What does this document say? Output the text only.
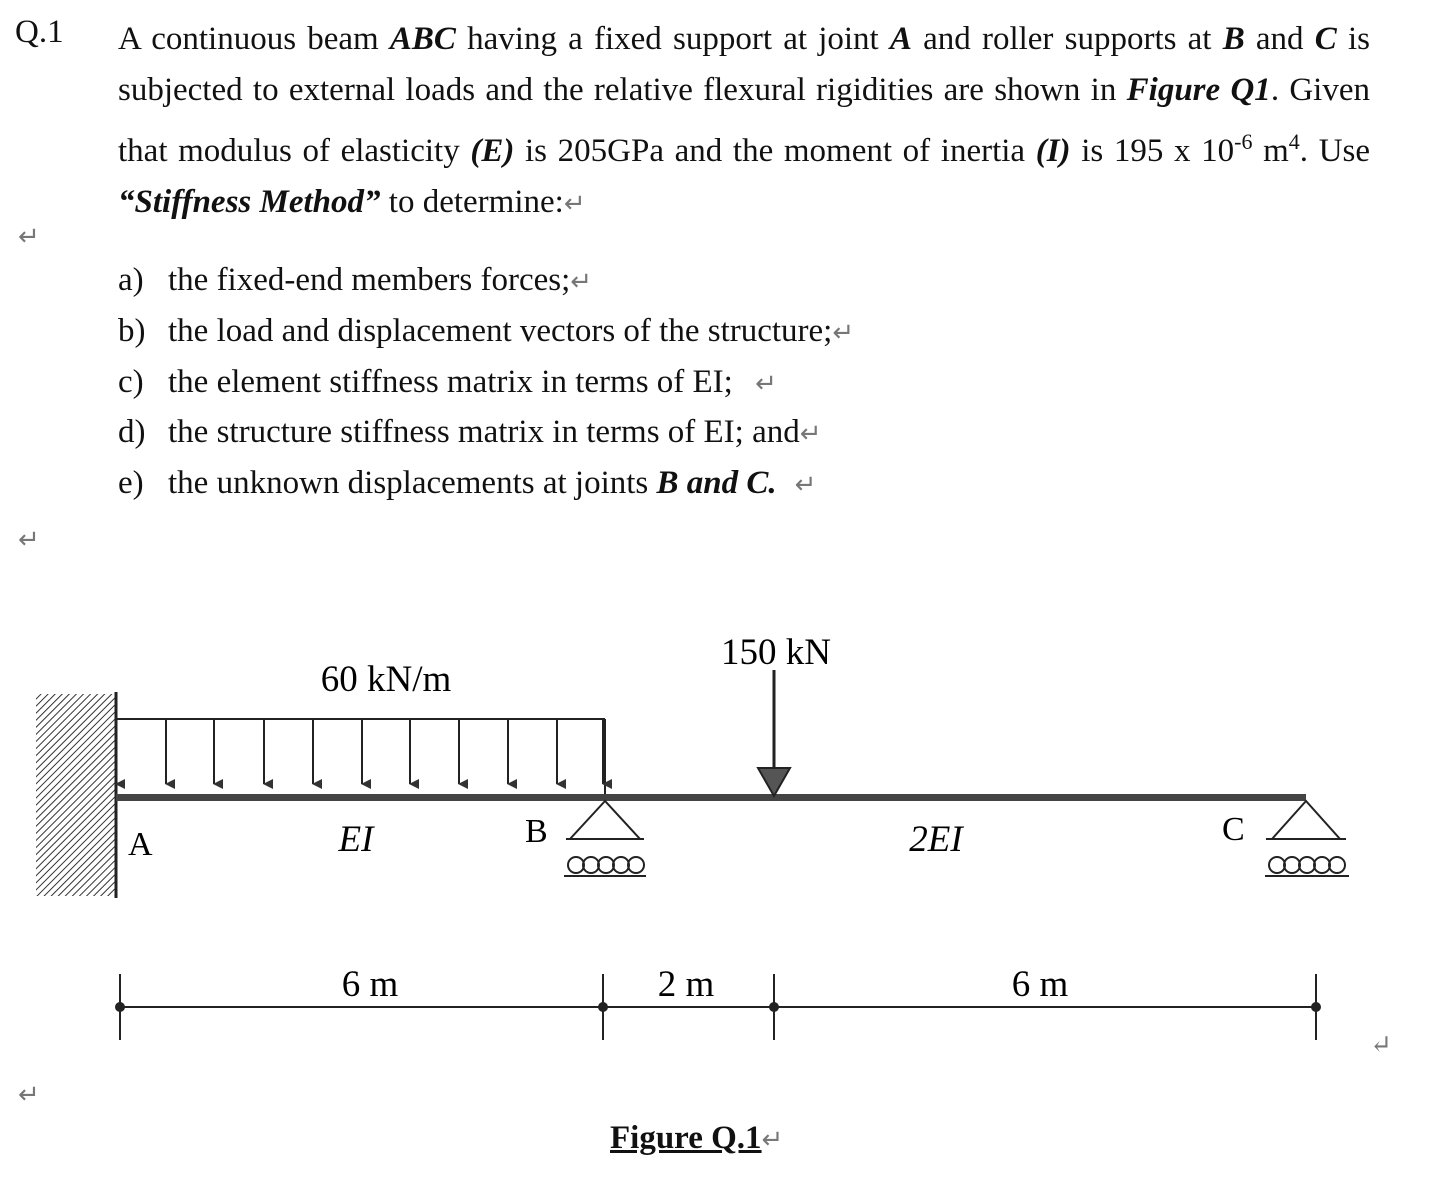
Q.1 A continuous beam ABC having a fixed support at joint A and roller supports at B and C is subjected to external loads and the relative flexural rigidities are shown in Figure Q1. Given that modulus of elasticity (E) is 205GPa and the moment of inertia (I) is 195 x $10^{-6}$ $m^4$. Use “Stiffness Method” to determine:↵
↵
↵
↵
a) the fixed-end members forces;↵
b) the load and displacement vectors of the structure;↵
c) the element stiffness matrix in terms of EI; ↵
d) the structure stiffness matrix in terms of EI; and↵
e) the unknown displacements at joints B and C. ↵
60 kN/m
150 kN
A	B	C
EI	2EI
6 m	2 m	6 m
↵
Figure Q.1↵
